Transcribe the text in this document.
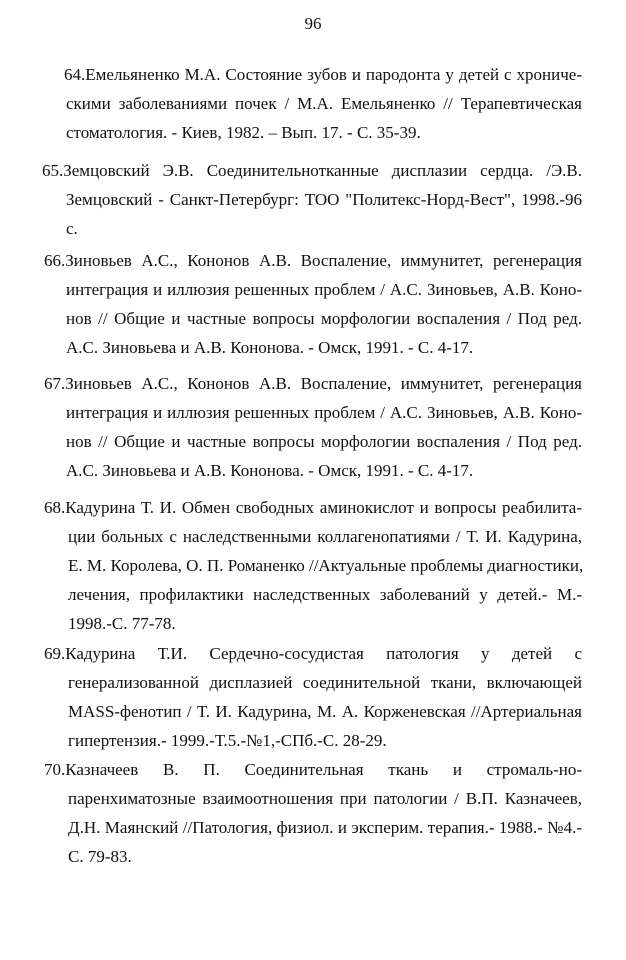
96
64.Емельяненко М.А. Состояние зубов и пародонта у детей с хрониче-
скими заболеваниями почек / М.А. Емельяненко // Терапевтическая
стоматология. - Киев, 1982. – Вып. 17. - С. 35-39.
65.Земцовский Э.В. Соединительнотканные дисплазии сердца. /Э.В.
Земцовский - Санкт-Петербург: ТОО "Политекс-Норд-Вест", 1998.-96
с.
66.Зиновьев А.С., Кононов А.В. Воспаление, иммунитет, регенерация
интеграция и иллюзия решенных проблем / А.С. Зиновьев, А.В. Коно-
нов // Общие и частные вопросы морфологии воспаления / Под ред.
А.С. Зиновьева и А.В. Кононова. - Омск, 1991. - С. 4-17.
67.Зиновьев А.С., Кононов А.В. Воспаление, иммунитет, регенерация
интеграция и иллюзия решенных проблем / А.С. Зиновьев, А.В. Коно-
нов // Общие и частные вопросы морфологии воспаления / Под ред.
А.С. Зиновьева и А.В. Кононова. - Омск, 1991. - С. 4-17.
68.Кадурина Т. И. Обмен свободных аминокислот и вопросы реабилита-
ции больных с наследственными коллагенопатиями / Т. И. Кадурина,
Е. М. Королева, О. П. Романенко //Актуальные проблемы диагностики,
лечения, профилактики наследственных заболеваний у детей.- М.-
1998.-С. 77-78.
69.Кадурина Т.И. Сердечно-сосудистая патология у детей с
генерализованной дисплазией соединительной ткани, включающей
MASS-фенотип / Т. И. Кадурина, М. А. Корженевская //Артериальная
гипертензия.- 1999.-Т.5.-№1,-СПб.-С. 28-29.
70.Казначеев В. П. Соединительная ткань и стромаль-но-
паренхиматозные взаимоотношения при патологии / В.П. Казначеев,
Д.Н. Маянский //Патология, физиол. и эксперим. терапия.- 1988.- №4.-
С. 79-83.
